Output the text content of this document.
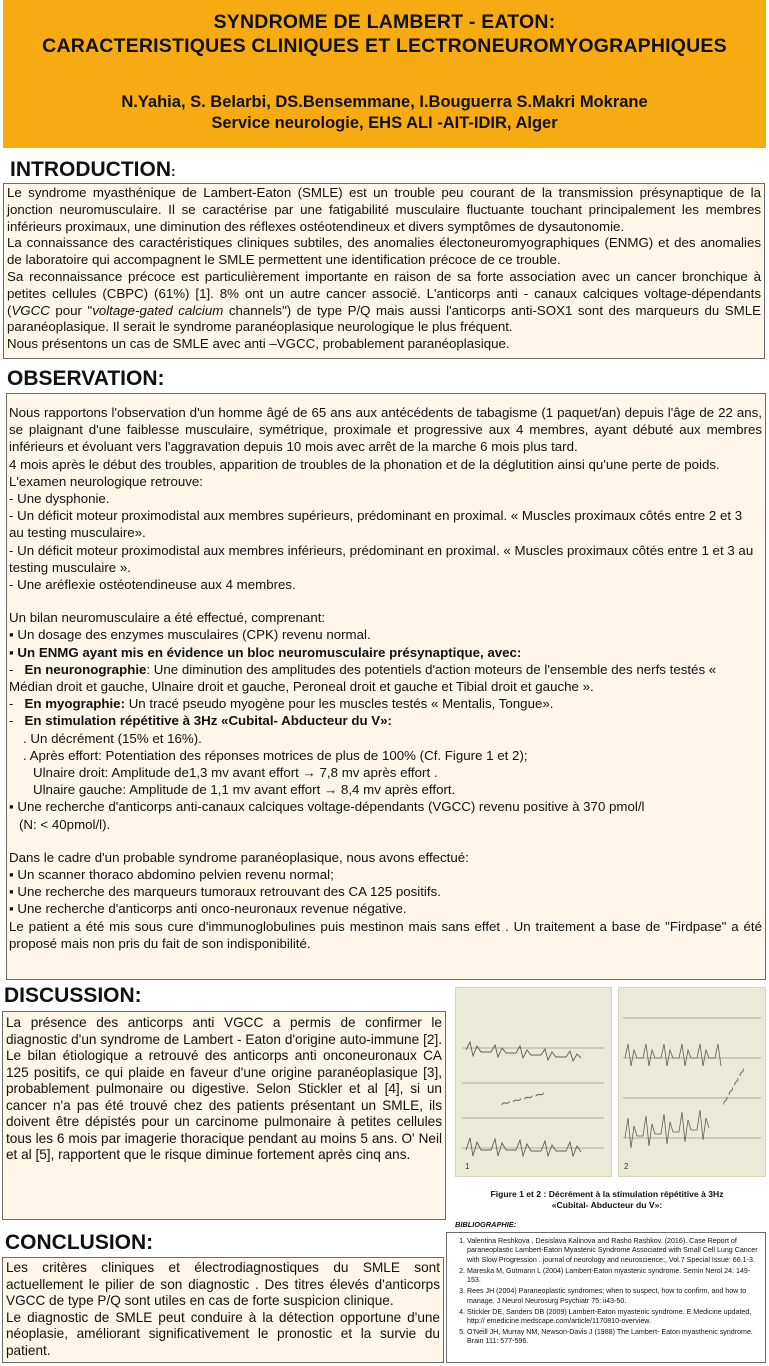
SYNDROME DE LAMBERT - EATON:

CARACTERISTIQUES CLINIQUES ET LECTRONEUROMYOGRAPHIQUES

N.Yahia, S. Belarbi, DS.Bensemmane, I.Bouguerra S.Makri Mokrane
Service neurologie, EHS ALI -AIT-IDIR, Alger
INTRODUCTION:

Le syndrome myasthénique de Lambert-Eaton (SMLE) est un trouble peu courant de la transmission présynaptique de la jonction neuromusculaire. Il se caractérise par une fatigabilité musculaire fluctuante touchant principalement les membres inférieurs proximaux, une diminution des réflexes ostéotendineux et divers symptômes de dysautonomie.

La connaissance des caractéristiques cliniques subtiles, des anomalies électoneuromyographiques (ENMG) et des anomalies de laboratoire qui accompagnent le SMLE permettent une identification précoce de ce trouble.

Sa reconnaissance précoce est particulièrement importante en raison de sa forte association avec un cancer bronchique à petites cellules (CBPC) (61%) [1]. 8% ont un autre cancer associé. L'anticorps anti - canaux calciques voltage-dépendants (VGCC pour "voltage-gated calcium channels") de type P/Q mais aussi l'anticorps anti-SOX1 sont des marqueurs du SMLE paranéoplasique. Il serait le syndrome paranéoplasique neurologique le plus fréquent.

Nous présentons un cas de SMLE avec anti –VGCC, probablement paranéoplasique.

OBSERVATION:

Nous rapportons l'observation d'un homme âgé de 65 ans aux antécédents de tabagisme (1 paquet/an) depuis l'âge de 22 ans, se plaignant d'une faiblesse musculaire, symétrique, proximale et progressive aux 4 membres, ayant débuté aux membres inférieurs et évoluant vers l'aggravation depuis 10 mois avec arrêt de la marche 6 mois plus tard.

4 mois après le début des troubles, apparition de troubles de la phonation et de la déglutition ainsi qu'une perte de poids.

L'examen neurologique retrouve:

- Une dysphonie.

- Un déficit moteur proximodistal aux membres supérieurs, prédominant en proximal. « Muscles proximaux côtés entre 2 et 3 au testing musculaire».

- Un déficit moteur proximodistal aux membres inférieurs, prédominant en proximal. « Muscles proximaux côtés entre 1 et 3 au testing musculaire ».

- Une aréflexie ostéotendineuse aux 4 membres.

Un bilan neuromusculaire a été effectué, comprenant:

▪ Un dosage des enzymes musculaires (CPK) revenu normal.

▪ Un ENMG ayant mis en évidence un bloc neuromusculaire présynaptique, avec:

-   En neuronographie: Une diminution des amplitudes des potentiels d'action moteurs de l'ensemble des nerfs testés « Médian droit et gauche, Ulnaire droit et gauche, Peroneal droit et gauche et Tibial droit et gauche ».

-   En myographie: Un tracé pseudo myogène pour les muscles testés « Mentalis, Tongue».

-   En stimulation répétitive à 3Hz «Cubital- Abducteur du V»:

. Un décrément (15% et 16%).

. Après effort: Potentiation des réponses motrices de plus de 100% (Cf. Figure 1 et 2);

Ulnaire droit: Amplitude de1,3 mv avant effort → 7,8 mv après effort .

Ulnaire gauche: Amplitude de 1,1 mv avant effort → 8,4 mv après effort.

▪ Une recherche d'anticorps anti-canaux calciques voltage-dépendants (VGCC) revenu positive à 370 pmol/l

(N: < 40pmol/l).

Dans le cadre d'un probable syndrome paranéoplasique, nous avons effectué:

▪ Un scanner thoraco abdomino pelvien revenu normal;

▪ Une recherche des marqueurs tumoraux retrouvant des CA 125 positifs.

▪ Une recherche d'anticorps anti onco-neuronaux revenue négative.

Le patient a été mis sous cure d'immunoglobulines puis mestinon mais sans effet . Un traitement a base de "Firdpase" a été proposé mais non pris du fait de son indisponibilité.

DISCUSSION:

La présence des anticorps anti VGCC a permis de confirmer le diagnostic d'un syndrome de Lambert - Eaton d'origine auto-immune [2]. Le bilan étiologique a retrouvé des anticorps anti onconeuronaux CA 125 positifs, ce qui plaide en faveur d'une origine paranéoplasique [3], probablement pulmonaire ou digestive. Selon Stickler et al [4], si un cancer n'a pas été trouvé chez des patients présentant un SMLE, ils doivent être dépistés pour un carcinome pulmonaire à petites cellules tous les 6 mois par imagerie thoracique pendant au moins 5 ans. O' Neil et al [5], rapportent que le risque diminue fortement après cinq ans.

~~~~
1
~~~~
2
Figure 1 et 2 : Décrément à la stimulation répétitive à 3Hz
«Cubital- Abducteur du V»:
BIBLIOGRAPHIE:
1. Valentina Reshkova , Desislava Kalinova and Rasho Rashkov. (2016). Case Report of paraneoplastic Lambert-Eaton Myastenic Syndrome Associated with Small Cell Lung Cancer with Slow Progression . journal of neurology and neuroscience:, Vol.7 Special Issue: 66.1-3.
2. Mareska M, Gutmann L (2004) Lambert-Eaton myastenic syndrome. Semin Nerol 24: 149-153.
3. Rees JH (2004) Paraneoplastic syndromes; when to suspect, how to confirm, and how to manage. J Neurol Neurosurg Psychiatr 75: ii43-50.
4. Stickler DE, Sanders DB (2009) Lambert-Eaton myastenic syndrome. E Medicine updated, http:// emedicine.medscape.com/article/1170810-overview.
5. O'Neill JH, Murray NM, Newson-Davis J (1988) The Lambert- Eaton myasthenic syndrome. Brain 111: 577-596.
CONCLUSION:

Les critères cliniques et électrodiagnostiques du SMLE sont actuellement le pilier de son diagnostic . Des titres élevés d'anticorps VGCC de type P/Q sont utiles en cas de forte suspicion clinique.

Le diagnostic de SMLE peut conduire à la détection opportune d'une néoplasie, améliorant significativement le pronostic et la survie du patient.
